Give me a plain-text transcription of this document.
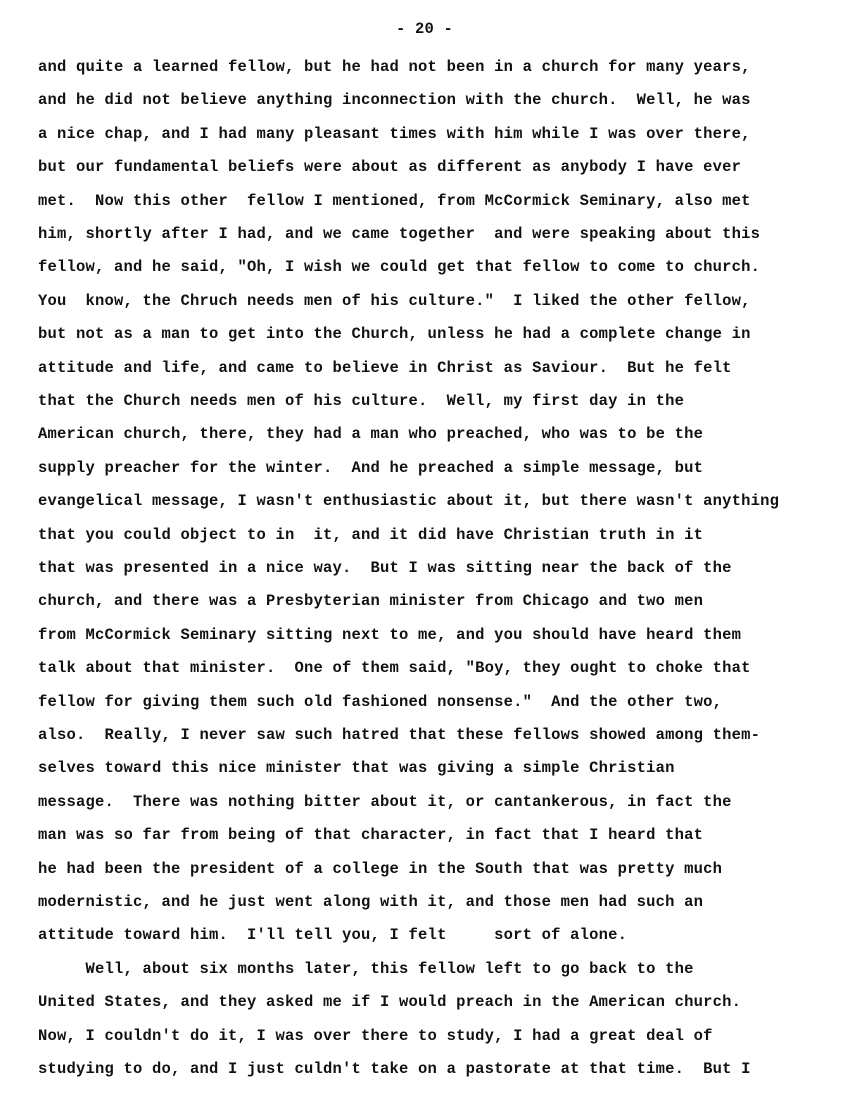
- 20 -
and quite a learned fellow, but he had not been in a church for many years,
and he did not believe anything inconnection with the church.  Well, he was
a nice chap, and I had many pleasant times with him while I was over there,
but our fundamental beliefs were about as different as anybody I have ever
met.  Now this other  fellow I mentioned, from McCormick Seminary, also met
him, shortly after I had, and we came together  and were speaking about this
fellow, and he said, "Oh, I wish we could get that fellow to come to church.
You  know, the Chruch needs men of his culture."  I liked the other fellow,
but not as a man to get into the Church, unless he had a complete change in
attitude and life, and came to believe in Christ as Saviour.  But he felt
that the Church needs men of his culture.  Well, my first day in the
American church, there, they had a man who preached, who was to be the
supply preacher for the winter.  And he preached a simple message, but
evangelical message, I wasn't enthusiastic about it, but there wasn't anything
that you could object to in  it, and it did have Christian truth in it
that was presented in a nice way.  But I was sitting near the back of the
church, and there was a Presbyterian minister from Chicago and two men
from McCormick Seminary sitting next to me, and you should have heard them
talk about that minister.  One of them said, "Boy, they ought to choke that
fellow for giving them such old fashioned nonsense."  And the other two,
also.  Really, I never saw such hatred that these fellows showed among them-
selves toward this nice minister that was giving a simple Christian
message.  There was nothing bitter about it, or cantankerous, in fact the
man was so far from being of that character, in fact that I heard that
he had been the president of a college in the South that was pretty much
modernistic, and he just went along with it, and those men had such an
attitude toward him.  I'll tell you, I felt     sort of alone.
Well, about six months later, this fellow left to go back to the
United States, and they asked me if I would preach in the American church.
Now, I couldn't do it, I was over there to study, I had a great deal of
studying to do, and I just culdn't take on a pastorate at that time.  But I
